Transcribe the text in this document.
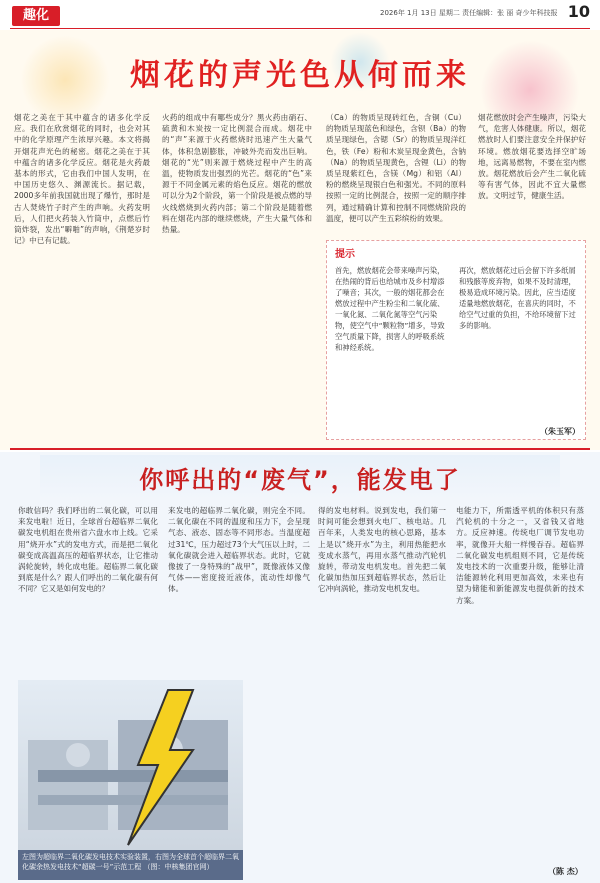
趣化	2026年 1月 13日 星期二 责任编辑：张 丽 奇少年科技报 10
烟花的声光色从何而来
烟花之美在于其中蕴含的诸多化学反应。我们在欣赏烟花的同时，也会对其中的化学原理产生浓厚兴趣。本文将揭开烟花声光色的秘密。烟花之美在于其中蕴含的诸多化学反应。烟花是火药最基本的形式，它由我们中国人发明，在中国历史悠久、渊源流长。据记载，2000多年前我国就出现了爆竹，那时是古人焚烧竹子时产生的声响。火药发明后，人们把火药装入竹筒中，点燃后竹筒炸裂，发出“噼啪”的声响，《荆楚岁时记》中已有记载。
火药的组成中有哪些成分？黑火药由硝石、硫黄和木炭按一定比例混合而成。烟花中的“声”来源于火药燃烧时迅速产生大量气体，体积急剧膨胀，冲破外壳而发出巨响。烟花的“光”则来源于燃烧过程中产生的高温，使物质发出强烈的光芒。烟花的“色”来源于不同金属元素的焰色反应。烟花的燃放可以分为2个阶段，第一个阶段是被点燃的导火线燃烧到火药内部；第二个阶段是随着燃料在烟花内部的继续燃烧，产生大量气体和热量。
（Ca）的物质呈现砖红色，含铜（Cu）的物质呈现蓝色和绿色，含钡（Ba）的物质呈现绿色，含锶（Sr）的物质呈现洋红色，铁（Fe）粉和木炭呈现金黄色，含钠（Na）的物质呈现黄色，含锂（Li）的物质呈现紫红色，含镁（Mg）和铝（Al）粉的燃烧呈现银白色和强光。不同的原料按照一定的比例混合，按照一定的顺序排列，通过精确计算和控制不同燃烧阶段的温度，便可以产生五彩缤纷的效果。
烟花燃放时会产生噪声，污染大气，危害人体健康。所以，烟花燃放时人们要注意安全并保护好环境。燃放烟花要选择空旷场地，远离易燃物，不要在室内燃放。烟花燃放后会产生二氧化硫等有害气体，因此不宜大量燃放。文明过节，健康生活。
提示
首先，燃放烟花会带来噪声污染，在热闹的背后也给城市及乡村增添了噪音；其次，一般的烟花都会在燃放过程中产生粉尘和二氧化硫、一氧化氮、二氧化氮等空气污染物，使空气中“颗粒物”增多，导致空气质量下降，损害人的呼吸系统和神经系统。
再次，燃放烟花过后会留下许多纸屑和残骸等废弃物，如果不及时清理，极易造成环境污染。因此，应当适度适量地燃放烟花，在喜庆的同时，不给空气过重的负担，不给环境留下过多的影响。
（朱玉军）
你呼出的“废气”，能发电了
你敢信吗？我们呼出的二氧化碳，可以用来发电啦！近日，全球首台超临界二氧化碳发电机组在贵州省六盘水市上线。它采用“烧开水”式的发电方式，而是把二氧化碳变成高温高压的超临界状态，让它推动涡轮旋转，转化成电能。超临界二氧化碳到底是什么？跟人们呼出的二氧化碳有何不同？它又是如何发电的？
来发电的超临界二氧化碳，则完全不同。二氧化碳在不同的温度和压力下，会呈现气态、液态、固态等不同形态。当温度超过31℃，压力超过73个大气压以上时，二氧化碳就会进入超临界状态。此时，它就像披了一身特殊的“战甲”，既像液体又像气体——密度接近液体，流动性却像气体。
得的发电材料。说到发电，我们第一时间可能会想到火电厂、核电站。几百年来，人类发电的核心思路，基本上是以“烧开水”为主，利用热能把水变成水蒸气，再用水蒸气推动汽轮机旋转，带动发电机发电。首先把二氧化碳加热加压到超临界状态，然后让它冲向涡轮，推动发电机发电。
电能力下，所需透平机的体积只有蒸汽轮机的十分之一，又省钱又省地方。反应神速。传统电厂调节发电功率，就像开大船一样慢吞吞。超临界二氧化碳发电机组则不同，它是传统发电技术的一次重要升级，能够让清洁能源转化利用更加高效，未来也有望为储能和新能源发电提供新的技术方案。
左图为超临界二氧化碳发电技术实验装置，右图为全球首个超临界二氧化碳余热发电技术“超碳一号”示范工程 （图：中核集团官网）	（陈 杰）
